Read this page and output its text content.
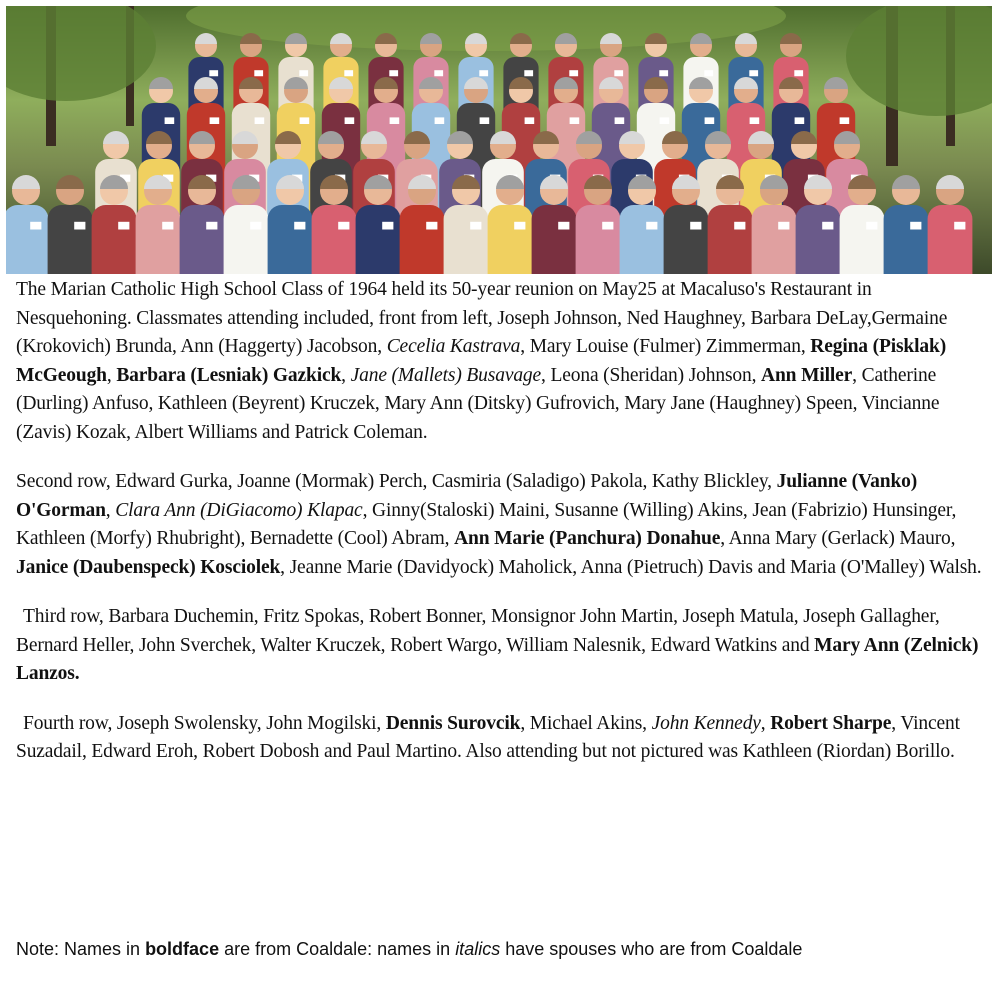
The Marian Catholic High School Class of 1964 held its 50-year reunion on May25 at Macaluso's Restaurant in Nesquehoning. Classmates attending included, front from left, Joseph Johnson, Ned Haughney, Barbara DeLay,Germaine (Krokovich) Brunda, Ann (Haggerty) Jacobson, Cecelia Kastrava, Mary Louise (Fulmer) Zimmerman, Regina (Pisklak) McGeough, Barbara (Lesniak) Gazkick, Jane (Mallets) Busavage, Leona (Sheridan) Johnson, Ann Miller, Catherine (Durling) Anfuso, Kathleen (Beyrent) Kruczek, Mary Ann (Ditsky) Gufrovich, Mary Jane (Haughney) Speen, Vincianne (Zavis) Kozak, Albert Williams and Patrick Coleman.

Second row, Edward Gurka, Joanne (Mormak) Perch, Casmiria (Saladigo) Pakola, Kathy Blickley, Julianne (Vanko) O'Gorman, Clara Ann (DiGiacomo) Klapac, Ginny(Staloski) Maini, Susanne (Willing) Akins, Jean (Fabrizio) Hunsinger, Kathleen (Morfy) Rhubright), Bernadette (Cool) Abram, Ann Marie (Panchura) Donahue, Anna Mary (Gerlack) Mauro, Janice (Daubenspeck) Kosciolek, Jeanne Marie (Davidyock) Maholick, Anna (Pietruch) Davis and Maria (O'Malley) Walsh.

Third row, Barbara Duchemin, Fritz Spokas, Robert Bonner, Monsignor John Martin, Joseph Matula, Joseph Gallagher, Bernard Heller, John Sverchek, Walter Kruczek, Robert Wargo, William Nalesnik, Edward Watkins and Mary Ann (Zelnick) Lanzos.

Fourth row, Joseph Swolensky, John Mogilski, Dennis Surovcik, Michael Akins, John Kennedy, Robert Sharpe, Vincent Suzadail, Edward Eroh, Robert Dobosh and Paul Martino. Also attending but not pictured was Kathleen (Riordan) Borillo.

Note: Names in boldface are from Coaldale: names in italics have spouses who are from Coaldale
